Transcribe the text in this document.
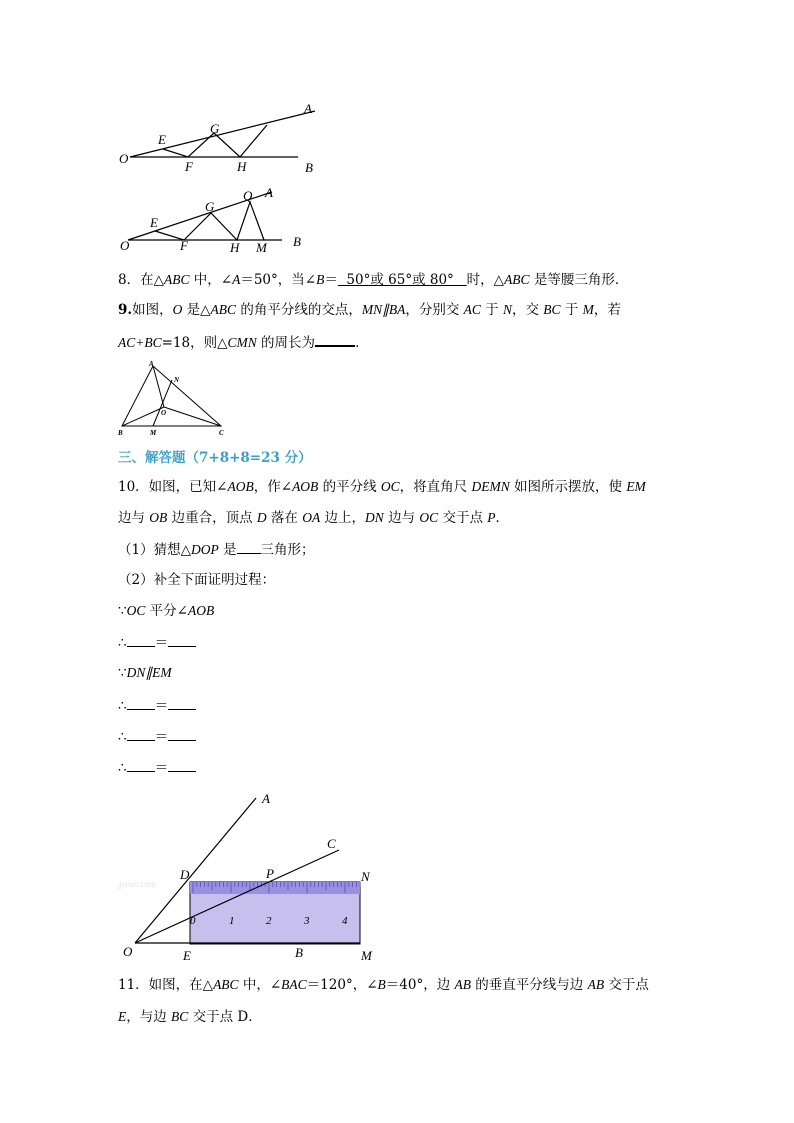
O
E
G
A
F	H	B
O
E
G
Q A
F	H M B
8．在△ABC 中，∠A＝50°，当∠B＝  50°或 65°或 80°   时，△ABC 是等腰三角形．
9.如图，O 是△ABC 的角平分线的交点，MN∥BA，分别交 AC 于 N，交 BC 于 M，若
AC+BC=18，则△CMN 的周长为	．
A
N
O
B	M	C
三、解答题（7+8+8=23 分）
10．如图，已知∠AOB，作∠AOB 的平分线 OC，将直角尺 DEMN 如图所示摆放，使 EM
边与 OB 边重合，顶点 D 落在 OA 边上，DN 边与 OC 交于点 P．
（1）猜想△DOP 是 三角形；
（2）补全下面证明过程：
∵OC 平分∠AOB
∴ ＝
∵DN∥EM
∴ ＝
∴ ＝
∴ ＝
jyeoo.com
A
C
D	P	N
O	E	B	M
0	1	2	3	4
11．如图，在△ABC 中，∠BAC＝120°，∠B＝40°，边 AB 的垂直平分线与边 AB 交于点
E，与边 BC 交于点 D．
